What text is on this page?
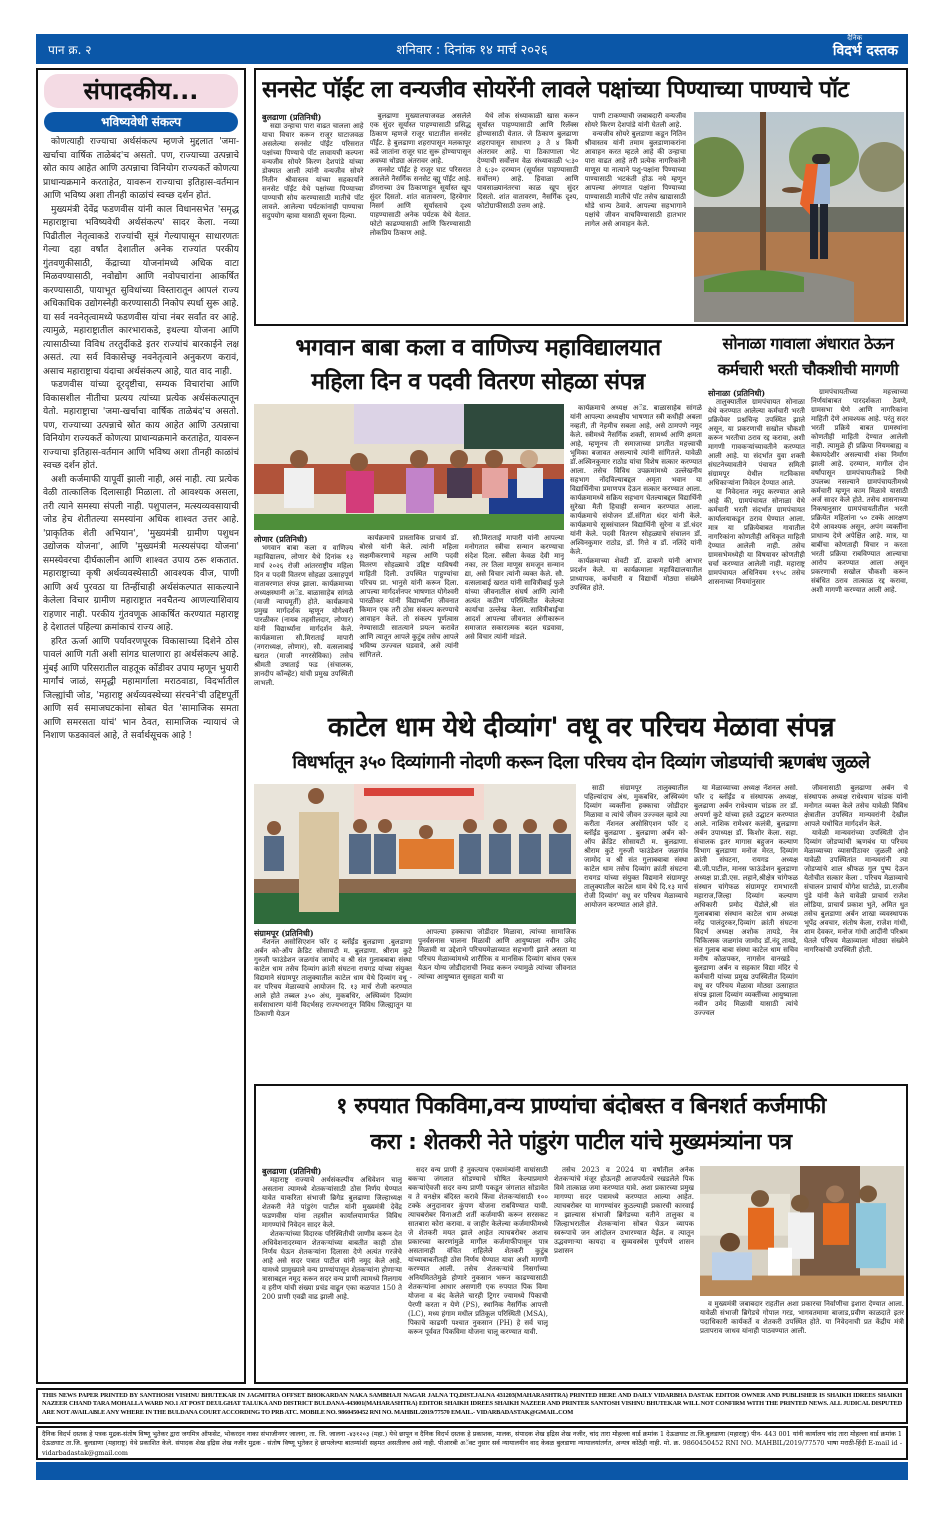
पान क्र. २	शनिवार : दिनांक १४ मार्च २०२६
दैनिक
विदर्भ दस्तक
संपादकीय...
भविष्यवेधी संकल्प

कोणत्याही राज्याचा अर्थसंकल्प म्हणजे मुद्दलात 'जमा-खर्चाचा वार्षिक ताळेबंद'च असतो. पण, राज्याच्या उत्पन्नाचे स्रोत काय आहेत आणि उत्पन्नाचा विनियोग राज्यकर्ते कोणत्या प्राधान्यक्रमाने करताहेत, यावरून राज्याचा इतिहास-वर्तमान आणि भविष्य अशा तीनही काळांचं स्वच्छ दर्शन होतं.

मुख्यमंत्री देवेंद्र फडणवीस यांनी काल विधानसभेत 'समृद्ध महाराष्ट्राचा भविष्यवेधी अर्थसंकल्प' सादर केला. नव्या पिढीतील नेतृत्वाकडे राज्यांची सूत्रं गेल्यापासून साधारणतः गेल्या दहा वर्षांत देशातील अनेक राज्यांत परकीय गुंतवणुकीसाठी, केंद्राच्या योजनांमध्ये अधिक वाटा मिळवण्यासाठी, नवोद्योग आणि नवोपचारांना आकर्षित करण्यासाठी, पायाभूत सुविधांच्या विस्तारातून आपलं राज्य अधिकाधिक उद्योगस्नेही करण्यासाठी निकोप स्पर्धा सुरू आहे. या सर्व नवनेतृत्वामध्ये फडणवीस यांचा नंबर सर्वांत वर आहे. त्यामुळे, महाराष्ट्रातील कारभाराकडे, इथल्या योजना आणि त्यासाठीच्या विविध तरतुदींकडे इतर राज्यांचं बारकाईने लक्ष असतं. त्या सर्व विकासेच्छु नवनेतृत्वाने अनुकरण करावं, असाच महाराष्ट्राचा यंदाचा अर्थसंकल्प आहे, यात वाद नाही.

फडणवीस यांच्या दूरदृष्टीचा, सम्यक विचारांचा आणि विकासशील नीतीचा प्रत्यय त्यांच्या प्रत्येक अर्थसंकल्पातून येतो. महाराष्ट्राचा 'जमा-खर्चाचा वार्षिक ताळेबंद'च असतो. पण, राज्याच्या उत्पन्नाचे स्रोत काय आहेत आणि उत्पन्नाचा विनियोग राज्यकर्ते कोणत्या प्राधान्यक्रमाने करताहेत, यावरून राज्याचा इतिहास-वर्तमान आणि भविष्य अशा तीनही काळांचं स्वच्छ दर्शन होतं.

अशी कर्जमाफी यापूर्वी झाली नाही, असं नाही. त्या प्रत्येक वेळी तात्कालिक दिलासाही मिळाला. तो आवश्यक असला, तरी त्याने समस्या संपली नाही. पशुपालन, मत्स्यव्यवसायाची जोड हेच शेतीतल्या समस्यांना अधिक शाश्वत उत्तर आहे. 'प्राकृतिक शेती अभियान', 'मुख्यमंत्री ग्रामीण पशुधन उद्योजक योजना', आणि 'मुख्यमंत्री मत्स्यसंपदा योजना' समस्येवरचा दीर्घकालीन आणि शाश्वत उपाय ठरू शकतात. महाराष्ट्राच्या कृषी अर्थव्यवस्थेसाठी आवश्यक वीज, पाणी आणि अर्थ पुरवठा या तिन्हींचाही अर्थसंकल्पात साकल्याने केलेला विचार ग्रामीण महाराष्ट्रात नवचैतन्य आणल्याशिवाय राहणार नाही. परकीय गुंतवणूक आकर्षित करण्यात महाराष्ट्र हे देशातलं पहिल्या क्रमांकाचं राज्य आहे.

हरित ऊर्जा आणि पर्यावरणपूरक विकासाच्या दिशेने ठोस पावलं आणि गती अशी सांगड घालणारा हा अर्थसंकल्प आहे. मुंबई आणि परिसरातील वाहतूक कोंडीवर उपाय म्हणून भुयारी मार्गांचं जाळं, समृद्धी महामार्गाला मराठवाडा, विदर्भातील जिल्ह्यांची जोड, 'महाराष्ट्र अर्थव्यवस्थेच्या संरचने'ची उद्दिष्टपूर्ती आणि सर्व समाजघटकांना सोबत घेत 'सामाजिक समता आणि समरसता यांचं' भान ठेवत, सामाजिक न्यायाचं जे निशाण फडकावलं आहे, ते सर्वार्थसूचक आहे !

सनसेट पॉईंट ला वन्यजीव सोयरेंनी लावले पक्षांच्या पिण्याच्या पाण्याचे पॉट
बुलढाणा (प्रतिनिधी)

सद्या उन्हाचा पारा वाढत चालला आहे याचा विचार करून राजूर घाटाजवळ असलेल्या सनसेट पॉईंट परिसरात पक्षांच्या पिण्याचे पॉट लावायची कल्पना वन्यजीव सोयरे किरण देशपांडे यांच्या डोक्यात आली त्यांनी वन्यजीव सोयरे नितीन श्रीवास्तव यांच्या सहकार्याने सनसेट पॉईंट येथे पक्षांच्या पिण्याच्या पाण्याची सोय करण्यासाठी मातीचे पॉट लावले. आलेल्या पर्यटकांनाही पाण्याचा सदुपयोग व्हावा यासाठी सूचना दिल्या.

बुलढाणा मुख्यालयाजवळ असलेले एक सुंदर सूर्यास्त पाहण्यासाठी प्रसिद्ध ठिकाण म्हणजे राजूर घाटातील सनसेट पॉईंट. हे बुलढाणा शहरापासून मलकापूर कडे जातांना राजूर घाट सुरू होण्यापासून अवघ्या थोड्या अंतरावर आहे.

सनसेट पॉईंट हे राजूर घाट परिसरात असलेले नैसर्गिक सनसेट व्ह्यू पॉईंट आहे. डोंगराच्या उंच ठिकाणाहून सूर्यास्त खूप सुंदर दिसतो. शांत वातावरण, हिरवेगार निसर्ग आणि सूर्यास्ताचे दृश्य पाहण्यासाठी अनेक पर्यटक येथे येतात. फोटो काढण्यासाठी आणि फिरण्यासाठी लोकप्रिय ठिकाण आहे.

येथे लोक संध्याकाळी खास करून सूर्यास्त पाहण्यासाठी आणि रिलॅक्स होण्यासाठी येतात. जे ठिकाण बुलढाणा शहरापासून साधारण ३ ते ४ किमी अंतरावर आहे. या ठिकाणाला भेट देण्याची सर्वोत्तम वेळ संध्याकाळी ५:३० ते ६:३० दरम्यान (सूर्यास्त पाहण्यासाठी सर्वोत्तम) आहे. हिवाळा आणि पावसाळ्यानंतरचा काळ खूप सुंदर दिसतो. शांत वातावरण, नैसर्गिक दृश्य, फोटोग्राफीसाठी उत्तम आहे.

पाणी टाकण्याची जबाबदारी वन्यजीव सोयरे किरण देशपांडे यांनी घेतली आहे.

वन्यजीव सोयरे बुलडाणा कडून नितिन श्रीवास्तव यांनी तमाम बुलडाणाकरांना आवाहन करत म्हटले आहे की उन्हाचा पारा वाढत आहे तरी प्रत्येक नागरिकांनी माणूस या नात्याने पशु-पक्षांना पिण्याच्या पाण्यासाठी भटकंती होऊ नये म्हणून आपल्या अंगणात पक्षांना पिण्याच्या पाण्यासाठी मातीचे पॉट तसेच खाद्यासाठी थोडे धान्य ठेवावे. आपल्या सहभागाने पक्षांचे जीवन वाचविण्यासाठी हातभार लागेल असे आवाहन केले.

भगवान बाबा कला व वाणिज्य महाविद्यालयात
महिला दिन व पदवी वितरण सोहळा संपन्न
लोणार (प्रतिनिधी)

भगवान बाबा कला व वाणिज्य महाविद्यालय, लोणार येथे दिनांक १३ मार्च २०२६ रोजी आंतरराष्ट्रीय महिला दिन व पदवी वितरण सोहळा उत्साहपूर्ण वातावरणात संपन्न झाला. कार्यक्रमाच्या अध्यक्षस्थानी अॅड. बाळासाहेब सांगळे (माजी न्यायमूर्ती) होते. कार्यक्रमाचे प्रमुख मार्गदर्शक म्हणून योगेश्वरी पारळीकर (नायब तहसीलदार, लोणार) यांनी विद्यार्थ्यांना मार्गदर्शन केले. कार्यक्रमाला सौ.मिराताई मापारी (नगराध्यक्ष, लोणार), सौ. वत्सलाबाई खरात (माजी नगरसेविका) तसेच श्रीमती उषाताई फड (संचालक, ज्ञानदीप कॉन्व्हेंट) यांची प्रमुख उपस्थिती लाभली.

कार्यक्रमाचे प्रास्ताविक प्राचार्य डॉ. बोरसे यांनी केले. त्यांनी महिला सक्षमीकरणाचे महत्त्व आणि पदवी वितरण सोहळ्याचे उद्दिष्ट याविषयी माहिती दिली. उपस्थित पाहुण्यांचा परिचय प्रा. भानुसे यांनी करून दिला. आपल्या मार्गदर्शनपर भाषणात योगेश्वरी पारळीकर यांनी विद्यार्थ्यांना जीवनात किमान एक तरी ठोस संकल्प करण्याचे आवाहन केले. तो संकल्प पूर्णत्वास नेण्यासाठी सातत्याने प्रयत्न करावेत आणि त्यातून आपले कुटुंब तसेच आपले भविष्य उज्ज्वल घडवावे, असे त्यांनी सांगितले.

सौ.मिराताई मापारी यांनी आपल्या मनोगतात स्त्रीचा सन्मान करण्याचा संदेश दिला. स्त्रीला केवळ देवी मानू नका, तर तिला माणूस समजून सन्मान द्या, असे विचार त्यांनी व्यक्त केले. सौ. वत्सलाबाई खरात यांनी सावित्रीबाई फुले यांच्या जीवनातील संघर्ष आणि त्यांनी अत्यंत कठीण परिस्थितीत केलेल्या कार्याचा उल्लेख केला. सावित्रीबाईंचा आदर्श आपल्या जीवनात अंगीकारून समाजात सकारात्मक बदल घडवावा, असे विचार त्यांनी मांडले.

कार्यक्रमाचे अध्यक्ष अॅड. बाळासाहेब सांगळे यांनी आपल्या अध्यक्षीय भाषणात स्त्री कधीही अबला नव्हती, ती नेहमीच सबला आहे, असे ठामपणे नमूद केले. स्त्रीमध्ये नैसर्गिक शक्ती, सामर्थ्य आणि क्षमता आहे, म्हणूनच ती समाजाच्या प्रगतीत महत्त्वाची भूमिका बजावत असल्याचे त्यांनी सांगितले. यावेळी डॉ.अश्विनकुमार राठोड यांचा विशेष सत्कार करण्यात आला. तसेच विविध उपक्रमांमध्ये उल्लेखनीय सहभाग नोंदविल्याबद्दल अमृता भवान या विद्यार्थिनीचा प्रमाणपत्र देऊन सत्कार करण्यात आला. कार्यक्रमामध्ये सक्रिय सहभाग घेतल्याबद्दल विद्यार्थिनी सुरेखा मैती हिचाही सन्मान करण्यात आला. कार्यक्रमाचे संयोजन डॉ.संगिता धंदर यांनी केले. कार्यक्रमाचे सूत्रसंचालन विद्यार्थिनी सुरेना व डॉ.धंदर यांनी केले. पदवी वितरण सोहळ्याचे संचालन डॉ. अश्विनकुमार राठोड, डॉ. गित्ते व डॉ. नलिंदे यांनी केले.

कार्यक्रमाच्या शेवटी डॉ. ढाकणे यांनी आभार प्रदर्शन केले. या कार्यक्रमाला महाविद्यालयातील प्राध्यापक, कर्मचारी व विद्यार्थी मोठ्या संख्येने उपस्थित होते.

सोनाळा गावाला अंधारात ठेऊन
कर्मचारी भरती चौकशीची मागणी
सोनाळा (प्रतिनिधी)

तालुक्यातील ग्रामपंचायत सोनाळा येथे करण्यात आलेल्या कर्मचारी भरती प्रक्रियेवर प्रश्नचिन्ह उपस्थित झाले असून, या प्रकरणाची सखोल चौकशी करून भरतीचा ठराव रद्द करावा, अशी मागणी गावकऱ्यांच्यावतीने करण्यात आली आहे. या संदर्भात युवा शक्ती संघटनेच्यावतीने पंचायत समिती संग्रामपूर येथील गटविकास अधिकाऱ्यांना निवेदन देण्यात आले.

या निवेदनात नमूद करण्यात आले आहे की, ग्रामपंचायत सोनाळा येथे कर्मचारी भरती संदर्भात ग्रामपंचायत कार्यालयाकडून ठराव घेण्यात आला. मात्र या प्रक्रियेबाबत गावातील नागरिकांना कोणतीही अधिकृत माहिती देण्यात आलेली नाही. तसेच ग्रामसभेमध्येही या विषयावर कोणतीही चर्चा करण्यात आलेली नाही. महाराष्ट्र ग्रामपंचायत अधिनियम १९५८ तसेच शासनाच्या नियमांनुसार

ग्रामपंचायतीच्या महत्त्वाच्या निर्णयांबाबत पारदर्शकता ठेवणे, ग्रामसभा घेणे आणि नागरिकांना माहिती देणे आवश्यक आहे. परंतु सदर भरती प्रक्रिये बाबत ग्रामस्थांना कोणतीही माहिती देण्यात आलेली नाही. त्यामुळे ही प्रक्रिया नियमबाह्य व बेकायदेशीर असल्याची शंका निर्माण झाली आहे. दरम्यान, मागील दोन वर्षांपासून ग्रामपंचायतीकडे निधी उपलब्ध नसल्याने ग्रामपंचायतीमध्ये कर्मचारी म्हणून काम मिळावे यासाठी अर्ज सादर केले होते. तसेच शासनाच्या निकषानुसार ग्रामपंचायतीतील भरती प्रक्रियेत महिलांना ५० टक्के आरक्षण देणे आवश्यक असून, अपंग व्यक्तींना प्राधान्य देणे अपेक्षित आहे. मात्र, या बाबींचा कोणताही विचार न करता भरती प्रक्रिया राबविण्यात आल्याचा आरोप करण्यात आला असून प्रकरणाची सखोल चौकशी करून संबंधित ठराव तात्काळ रद्द करावा, अशी मागणी करण्यात आली आहे.

काटेल धाम येथे दीव्यांग' वधू वर परिचय मेळावा संपन्न
विधर्भातून ३५० दिव्यांगानी नोदणी करून दिला परिचय दोन दिव्यांग जोडप्यांची ऋणबंध जुळले
संग्रामपूर (प्रतिनिधी)

नॅशनल असोसिएशन फॉर द ब्लॉईंड बुलढाणा .बुलडाणा अर्बन को-ऑप क्रेडिट सोसायटी म. बुलडाणा. श्रीराम कुटे गुरुजी फाउंडेशन जळगांव जामोद व श्री संत गुलाबबाबा संस्था काटेल धाम तसेच दिव्यांग क्रांती संघटना रायगड यांच्या संयुक्त विद्यमाने संग्रामपूर तालुक्यातील काटेल धाम येथे दिव्यांग वधू - वर परिचय मेळाव्याचे आयोजन दि. १३ मार्च रोजी करण्यात आले होते तब्बल ३५० अंध, मुकबधिर, अस्थिव्यंग दिव्यांग सर्वसाधारण यांनी विदर्भसह राज्यभरातून विविध जिल्ह्यातून या ठिकाणी येऊन

आपल्या हक्काचा जोडीदार मिळावा, त्यांच्या सामाजिक पुनर्वसनास चालना मिळावी आणि आयुष्याला नवीन उमेद मिळावी या उद्देशाने परिचयमेळाव्यात सहभागी झाले असता या परिचय मेळाव्यांमध्ये शारीरिक व मानसिक दिव्यांग बांधव एकत्र येऊन योग्य जोडीदाराची निवड करून ज्यामुळे त्यांच्या जीवनात त्यांच्या आयुष्यात सुसहता यावी या

साठी संग्रामपूर तालुक्यातील पहिल्यांदाच अंध, मुकबधिर, अस्थिव्यंग दिव्यांग व्यक्तींना हक्काचा जोडीदार मिळावा व त्यांचे जीवन उज्ज्वल व्हावे त्या करीता नॅशनल असोसिएशन फॉर द ब्लॉईंड बुलढाणा . बुलढाणा अर्बन को-ऑप क्रेडिट सोसायटी म. बुलढाणा. श्रीराम कुटे गुरुजी फाउंडेशन जळगांव जामोद व श्री संत गुलाबबाबा संस्था काटेल धाम तसेच दिव्यांग क्रांती संघटना रायगड यांच्या संयुक्त विद्यमाने संग्रामपूर तालुक्यातील काटेल धाम येथे दि.१३ मार्च रोजी दिव्यांग' वधू वर परिचय मेळाव्याचे आयोजन करण्यात आले होते.

या मेळाव्याच्या अध्यक्ष नॅशनल असो. फॉर द ब्लॉईंड व संस्थापक अध्यक्ष, बुलढाणा अर्बन राधेश्याम चांडक तर डॉ. अपर्णा कुटे यांच्या हस्ते उद्घाटन करण्यात आले. नाशिक रामेश्वर कलंत्री, बुलढाणा अर्बन उपाध्यक्ष डॉ. किशोर केला. सहा. संचालक इतर मागास बहुजन कल्याण विभाग बुलडाणा मनोज मेरत, दिव्यांग क्रांती संघटना, रायगड अध्यक्ष बी.जी.पाटील, मानस फाऊंडेशन बुलडाणा अध्यक्ष प्रा.डी.एस. लहाने,श्रीक्षेत्र चांगेफळ संस्थान चांगेफळ संग्रामपूर रामभारती महाराज,जिल्हा दिव्यांग कल्याण अधिकारी प्रमोद येंडोले,श्री संत गुलाबबाबा संस्थान काटेल धाम अध्यक्ष नरेंद्र पालंदुरकर,दिव्यांग क्रांती संघटना विदर्भ अध्यक्ष अशोक तायडे, नेत्र चिकित्सक जळगांव जामोद डॉ.नंदू तायडे, संत गुलाब बाबा संस्था काटेल धाम सचिव मनीष कोळपकर, नागसेन वानखडे , बुलडाणा अर्बन व सहकार विद्या मंदिर चे कर्मचारी यांच्या प्रमुख उपस्थितीत दिव्यांग वधू वर परिचय मेळावा मोठ्या उत्साहात संपन्न झाला दिव्यांग व्यक्तींच्या आयुष्याला नवीन उमेद मिळावी यासाठी त्यांचे उज्ज्वल

जीवनासाठी बुलढाणा अर्बन चे संस्थापक अध्यक्ष राधेश्याम चांडक यांनी मनोगत व्यक्त केले तसेच यावेळी विविध क्षेत्रातील उपस्थित मान्यवरांनी देखील आपले यथोचित मार्गदर्शन केले.

यावेळी मान्यवरांच्या उपस्थिती दोन दिव्यांग जोडप्यांची ऋणबंध या परिचय मेळाव्याच्या व्यासपीठावर जुळली आहे यावेळी उपस्थितांत मान्यवरांनी त्या जोडप्यांचे शाल श्रीफळ गुल पुष्प देऊन येतोचीत सत्कार केला . परिचय मेळाव्याचे संचालन प्राचार्य योगेश घाटोळे, प्रा.राजीव पुंडे यांनी केले यावेळी प्राचार्य राजेश लोडिया, प्राचार्य प्रकाश भुते, अमित धुत तसेच बुलडाणा अर्बन शाखा व्यवस्थापक भूपेंद्र अवचार, संतोष केला, राजेश गांधी, शाम देवकर, मनोज गांधी आदींनी परिश्रम घेतले परिचय मेळाव्याला मोठ्या संख्येने नागरिकांची उपस्थिती होती.

१ रुपयात पिकविमा,वन्य प्राण्यांचा बंदोबस्त व बिनशर्त कर्जमाफी
करा : शेतकरी नेते पांडुरंग पाटील यांचे मुख्यमंत्र्यांना पत्र
बुलढाणा (प्रतिनिधी)

महाराष्ट्र राज्याचे अर्थसंकल्पीय अधिवेशन चालू असताना त्यामध्ये शेतकऱ्यांसाठी ठोस निर्णय घेण्यात यावेत याकरिता संभाजी ब्रिगेड बुलढाणा जिल्हाध्यक्ष शेतकरी नेते पांडुरंग पाटील यांनी मुख्यमंत्री देवेंद्र फडणवीस यांना तहसील कार्यालयामार्फत विविध मागण्यांचे निवेदन सादर केले.

शेतकऱ्यांच्या विदारक परिस्थितीची जाणीव करून देत अधिवेशनादरम्यान शेतकऱ्यांच्या बाबतीत काही ठोस निर्णय घेऊन शेतकऱ्यांना दिलासा देणे अत्यंत गरजेचे आहे असे सदर पत्रात पाटील यांनी नमूद केले आहे. यामध्ये प्रामुख्याने वन्य प्राण्यांपासून शेतकऱ्यांना होणाऱ्या त्रासाबद्दल नमूद करून सदर वन्य प्राणी त्यामध्ये निलगाय व हरीण यांची संख्या प्रचंड वाढून एका कळपात 150 ते 200 प्राणी एवढी वाढ झाली आहे.

सदर वन्य प्राणी हे नुकत्याच एकामंत्र्यांनी वाघांसाठी बकऱ्या जंगलात सोडण्याचे घोषित केल्याप्रमाणे बकऱ्यांऐवजी सदर वन्य प्राणी पकडून जंगलात सोडावेत व ते वनक्षेत्र बंदिस्त करावे किंवा शेतकऱ्यांसाठी १०० टक्के अनुदानावर कुंपण योजना राबविण्यात यावी. त्याचबरोबर विनाअटी शर्ती कर्जमाफी करून सरसकट सातबारा कोरा करावा. व जाहीर केलेल्या कर्जमाफीमध्ये जे शेतकरी मयत झाले आहेत त्याचबरोबर अशाच प्रकारच्या कारणांमुळे मागील कर्जमाफीपासून पात्र असतानाही वंचित राहिलेले शेतकरी कुटुंब यांच्याबाबतीतही ठोस निर्णय घेण्यात यावा अशी मागणी करण्यात आली. तसेच शेतकऱ्यांचे निसर्गाच्या अनियमिततेमुळे होणारे नुकसान भरून काढण्यासाठी शेतकऱ्यांना आधार असणारी एक रुपयात पिक विमा योजना व बंद केलेले चारही ट्रिगर ज्यामध्ये पिकाची पेरणी करता न येणे (PS), स्थानिक नैसर्गिक आपत्ती (LC), मध्य हंगाम मधील प्रतिकूल परिस्थिती (MSA), पिकाचे काढणी पश्चात नुकसान (PH) हे सर्व चालू करून पूर्ववत पिकविमा योजना चालू करण्यात यावी.

तसेच 2023 व 2024 या वर्षांतील अनेक शेतकऱ्यांचे मंजूर होऊनही आजपर्यंतचे रखडलेले पिक विमे तात्काळ जमा करण्यात यावे. अशा प्रकारच्या प्रमुख मागण्या सदर पत्रामध्ये करण्यात आल्या आहेत. त्याचबरोबर या मागण्यांवर कुठल्याही प्रकारची कारवाई न झाल्यास संभाजी ब्रिगेडच्या वतीने तालुका व जिल्हाभरातील शेतकऱ्यांना सोबत घेऊन व्यापक स्वरूपाचे जन आंदोलन उभारण्यात येईल. व त्यातून उद्भवणाऱ्या कायदा व सुव्यवस्थेस पूर्णपणे शासन प्रशासन

व मुख्यमंत्री जबाबदार राहतील अशा प्रकारचा निर्वाणीचा इशारा देण्यात आला. यावेळी संभाजी ब्रिगेडचे गोपाल गरड, भागवतमामा बाजाड,प्रवीण काळदाते इतर पदाधिकारी कार्यकर्ते व शेतकरी उपस्थित होते. या निवेदनाची प्रत केंद्रीय मंत्री प्रतापराव जाधव यांनाही पाठवण्यात आली.

THIS NEWS PAPER PRINTED BY SANTHOSH VISHNU BHUTEKAR IN JAGMITRA OFFSET BHOKARDAN NAKA SAMBHAJI NAGAR JALNA TQ.DIST.JALNA 431203(MAHARASHTRA) PRINTED HERE AND DAILY VIDARBHA DASTAK EDITOR OWNER AND PUBLISHER IS SHAIKH IDREES SHAIKH NAZEER CHAND TARA MOHALLA WARD NO.1 AT POST DEULGHAT TALUKA AND DISTRICT BULDANA-443001(MAHARASHTRA) EDITOR SHAIKH IDREES SHAIKH NAZEER AND PRINTER SANTOSH VISHNU BHUTEKAR WILL NOT CONFIRM WITH THE PRINTED NEWS. ALL JUDICAL DISPUTED ARE NOT AVAILABLE ANY WHERE IN THE BULDANA COURT ACCORDING TO PRB ATC. MOBILE NO. 9860450452 RNI NO. MAHBIL/2019/77570 EMAIL.- VIDARBADASTAK@GMAIL.COM
दैनिक विदर्भ दस्तक हे पत्रक मुद्रक-संतोष विष्णू भुतेकर द्वारा जगमित्र ऑफसेट, भोकरदन नाका संभाजीनगर जालना, ता. जि. जालना -४३१२०३ (महा.) येथे छापून व दैनिक विदर्भ दस्तक हे प्रकाशक, मालक, संपादक शेख इद्रिस शेख नजीर, चांद तारा मोहल्ला वार्ड क्रमांक 1 देऊळघाट ता.जि.बुलडाणा (महाराष्ट्र) पीन- 443 001 यांनी कार्यालय चांद तारा मोहल्ला वार्ड क्रमांक 1 देऊळघाट ता.जि. बुलडाणा (महाराष्ट्र) येथे प्रकाशित केले. संपादक शेख इद्रिस शेख नजीर मुद्रक - संतोष विष्णू भुतेकर हे छापलेल्या बातम्यांशी सहमत असतीलच असे नाही. पीआरबी अॅक्ट नुसार सर्व न्यायालयीन वाद केवळ बुलडाणा न्यायालयांतर्गत, अन्यत्र कोठेही नाही. मो. क्र. 9860450452 RNI NO. MAHBIL/2019/77570 भाषा मराठी-हिंदी E-mail id - vidarbadastak@gmail.com
